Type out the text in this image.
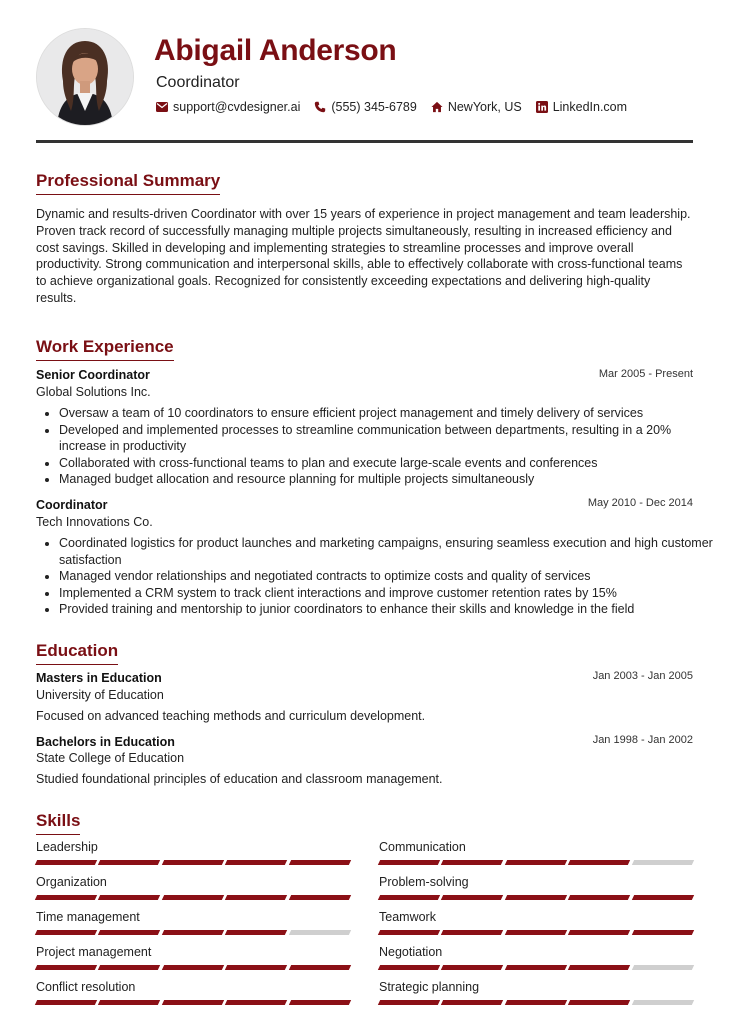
Abigail Anderson
Coordinator
support@cvdesigner.ai (555) 345-6789 NewYork, US LinkedIn.com
Professional Summary
Dynamic and results-driven Coordinator with over 15 years of experience in project management and team leadership. Proven track record of successfully managing multiple projects simultaneously, resulting in increased efficiency and cost savings. Skilled in developing and implementing strategies to streamline processes and improve overall productivity. Strong communication and interpersonal skills, able to effectively collaborate with cross-functional teams to achieve organizational goals. Recognized for consistently exceeding expectations and delivering high-quality results.
Work Experience
Senior Coordinator	Mar 2005 - Present
Global Solutions Inc.
• Oversaw a team of 10 coordinators to ensure efficient project management and timely delivery of services
• Developed and implemented processes to streamline communication between departments, resulting in a 20% increase in productivity
• Collaborated with cross-functional teams to plan and execute large-scale events and conferences
• Managed budget allocation and resource planning for multiple projects simultaneously
Coordinator	May 2010 - Dec 2014
Tech Innovations Co.
• Coordinated logistics for product launches and marketing campaigns, ensuring seamless execution and high customer satisfaction
• Managed vendor relationships and negotiated contracts to optimize costs and quality of services
• Implemented a CRM system to track client interactions and improve customer retention rates by 15%
• Provided training and mentorship to junior coordinators to enhance their skills and knowledge in the field
Education
Masters in Education	Jan 2003 - Jan 2005
University of Education
Focused on advanced teaching methods and curriculum development.
Bachelors in Education	Jan 1998 - Jan 2002
State College of Education
Studied foundational principles of education and classroom management.
Skills
Leadership	Communication
Organization	Problem-solving
Time management	Teamwork
Project management	Negotiation
Conflict resolution	Strategic planning
